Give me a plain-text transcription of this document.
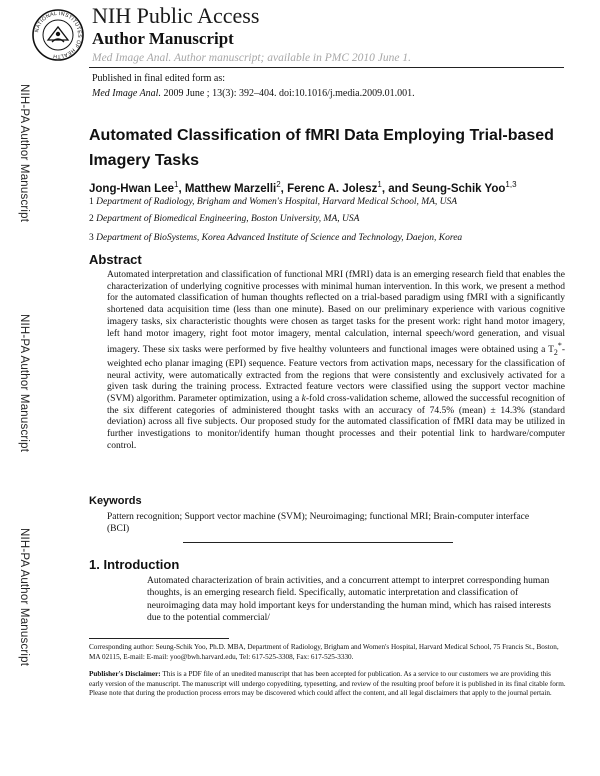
NATIONAL INSTITUTES OF HEALTH
NIH Public Access
Author Manuscript
Med Image Anal. Author manuscript; available in PMC 2010 June 1.
Published in final edited form as:
Med Image Anal. 2009 June ; 13(3): 392–404. doi:10.1016/j.media.2009.01.001.
NIH-PA Author Manuscript
NIH-PA Author Manuscript
NIH-PA Author Manuscript
Automated Classification of fMRI Data Employing Trial-based Imagery Tasks
Jong-Hwan Lee$^1$, Matthew Marzelli$^2$, Ferenc A. Jolesz$^1$, and Seung-Schik Yoo$^{1,3}$
1 Department of Radiology, Brigham and Women's Hospital, Harvard Medical School, MA, USA
2 Department of Biomedical Engineering, Boston University, MA, USA
3 Department of BioSystems, Korea Advanced Institute of Science and Technology, Daejon, Korea
Abstract
Automated interpretation and classification of functional MRI (fMRI) data is an emerging research field that enables the characterization of underlying cognitive processes with minimal human intervention. In this work, we present a method for the automated classification of human thoughts reflected on a trial-based paradigm using fMRI with a significantly shortened data acquisition time (less than one minute). Based on our preliminary experience with various cognitive imagery tasks, six characteristic thoughts were chosen as target tasks for the present work: right hand motor imagery, left hand motor imagery, right foot motor imagery, mental calculation, internal speech/word generation, and visual imagery. These six tasks were performed by five healthy volunteers and functional images were obtained using a $T_2^*$-weighted echo planar imaging (EPI) sequence. Feature vectors from activation maps, necessary for the classification of neural activity, were automatically extracted from the regions that were consistently and exclusively activated for a given task during the training process. Extracted feature vectors were classified using the support vector machine (SVM) algorithm. Parameter optimization, using a k-fold cross-validation scheme, allowed the successful recognition of the six different categories of administered thought tasks with an accuracy of 74.5% (mean) ± 14.3% (standard deviation) across all five subjects. Our proposed study for the automated classification of fMRI data may be utilized in further investigations to monitor/identify human thought processes and their potential link to hardware/computer control.
Keywords
Pattern recognition; Support vector machine (SVM); Neuroimaging; functional MRI; Brain-computer interface (BCI)
1. Introduction
Automated characterization of brain activities, and a concurrent attempt to interpret corresponding human thoughts, is an emerging research field. Specifically, automatic interpretation and classification of neuroimaging data may hold important keys for understanding the human mind, which has raised interests due to the potential commercial/
Corresponding author: Seung-Schik Yoo, Ph.D. MBA, Department of Radiology, Brigham and Women's Hospital, Harvard Medical School, 75 Francis St., Boston, MA 02115, E-mail: E-mail: yoo@bwh.harvard.edu, Tel: 617-525-3308, Fax: 617-525-3330.
Publisher's Disclaimer: This is a PDF file of an unedited manuscript that has been accepted for publication. As a service to our customers we are providing this early version of the manuscript. The manuscript will undergo copyediting, typesetting, and review of the resulting proof before it is published in its final citable form. Please note that during the production process errors may be discovered which could affect the content, and all legal disclaimers that apply to the journal pertain.
